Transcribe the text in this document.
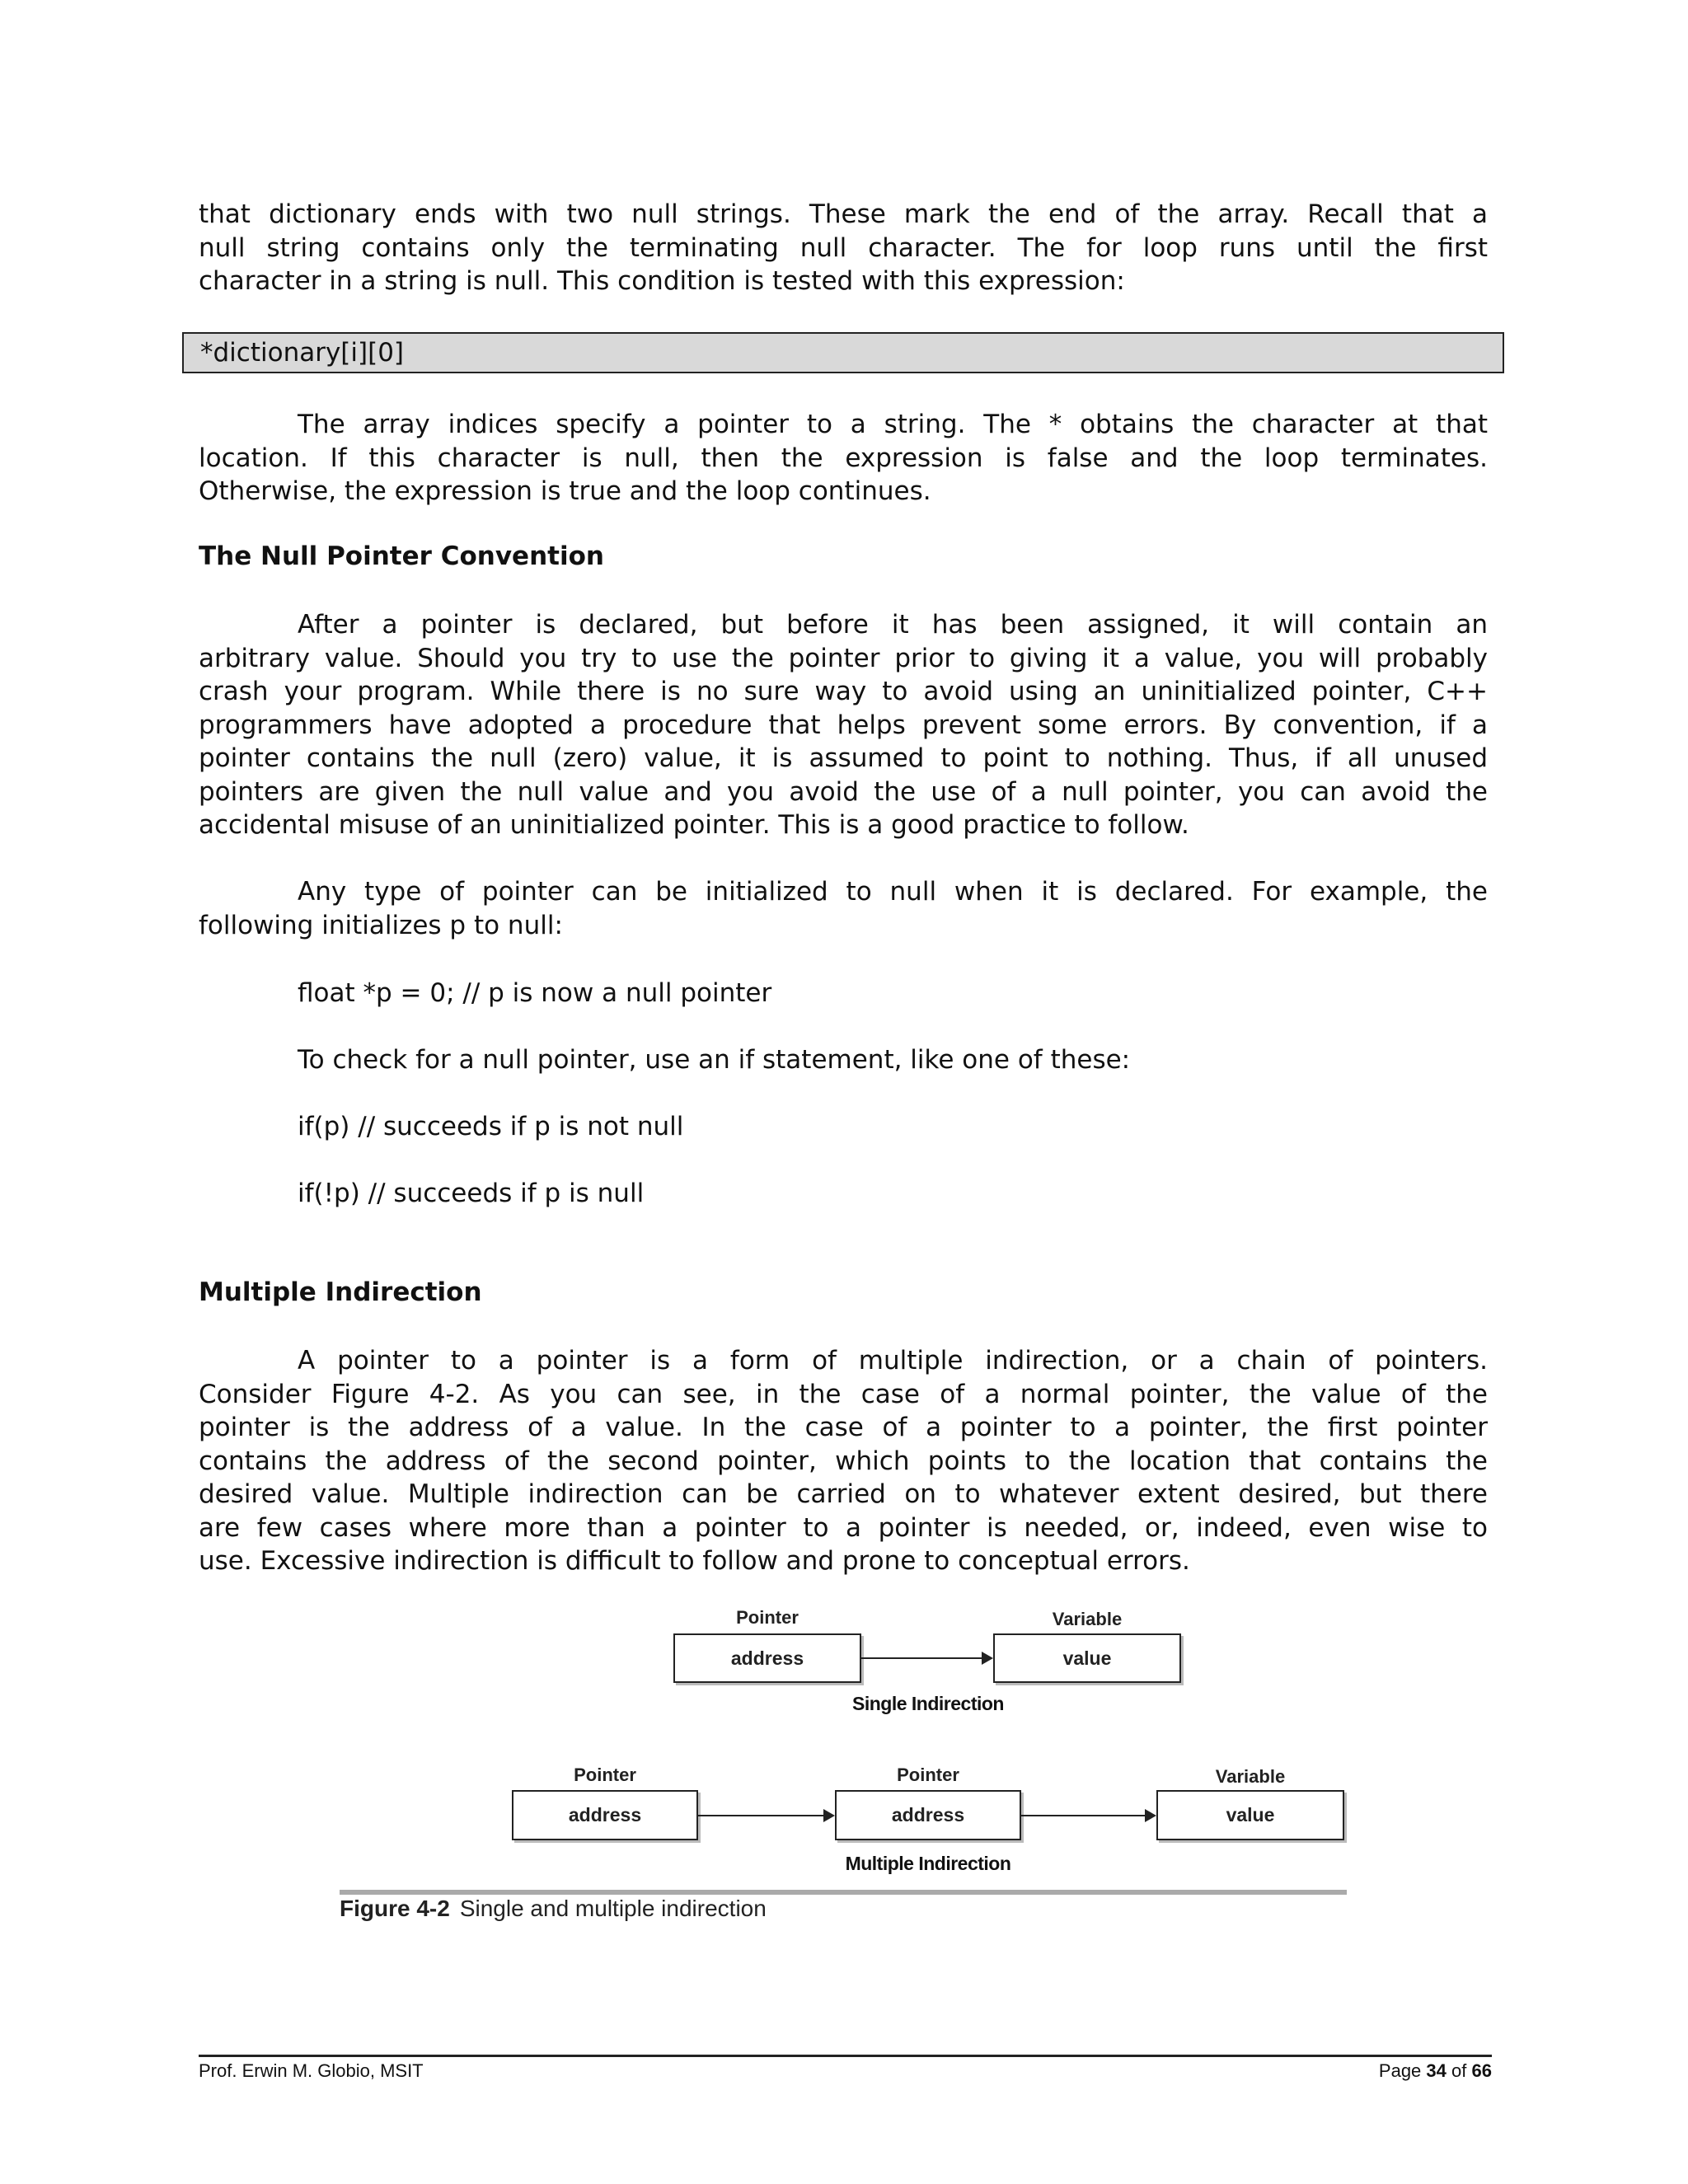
that dictionary ends with two null strings. These mark the end of the array. Recall that a
null string contains only the terminating null character. The for loop runs until the first
character in a string is null. This condition is tested with this expression:
*dictionary[i][0]
The array indices specify a pointer to a string. The * obtains the character at that
location. If this character is null, then the expression is false and the loop terminates.
Otherwise, the expression is true and the loop continues.
The Null Pointer Convention
After a pointer is declared, but before it has been assigned, it will contain an
arbitrary value. Should you try to use the pointer prior to giving it a value, you will probably
crash your program. While there is no sure way to avoid using an uninitialized pointer, C++
programmers have adopted a procedure that helps prevent some errors. By convention, if a
pointer contains the null (zero) value, it is assumed to point to nothing. Thus, if all unused
pointers are given the null value and you avoid the use of a null pointer, you can avoid the
accidental misuse of an uninitialized pointer. This is a good practice to follow.
Any type of pointer can be initialized to null when it is declared. For example, the
following initializes p to null:
float *p = 0; // p is now a null pointer
To check for a null pointer, use an if statement, like one of these:
if(p) // succeeds if p is not null
if(!p) // succeeds if p is null
Multiple Indirection
A pointer to a pointer is a form of multiple indirection, or a chain of pointers.
Consider Figure 4-2. As you can see, in the case of a normal pointer, the value of the
pointer is the address of a value. In the case of a pointer to a pointer, the first pointer
contains the address of the second pointer, which points to the location that contains the
desired value. Multiple indirection can be carried on to whatever extent desired, but there
are few cases where more than a pointer to a pointer is needed, or, indeed, even wise to
use. Excessive indirection is difficult to follow and prone to conceptual errors.
Pointer	Variable
address	value
Single Indirection
Pointer	Pointer	Variable
address	address	value
Multiple Indirection
Figure 4-2 Single and multiple indirection
Prof. Erwin M. Globio, MSIT	Page 34 of 66
